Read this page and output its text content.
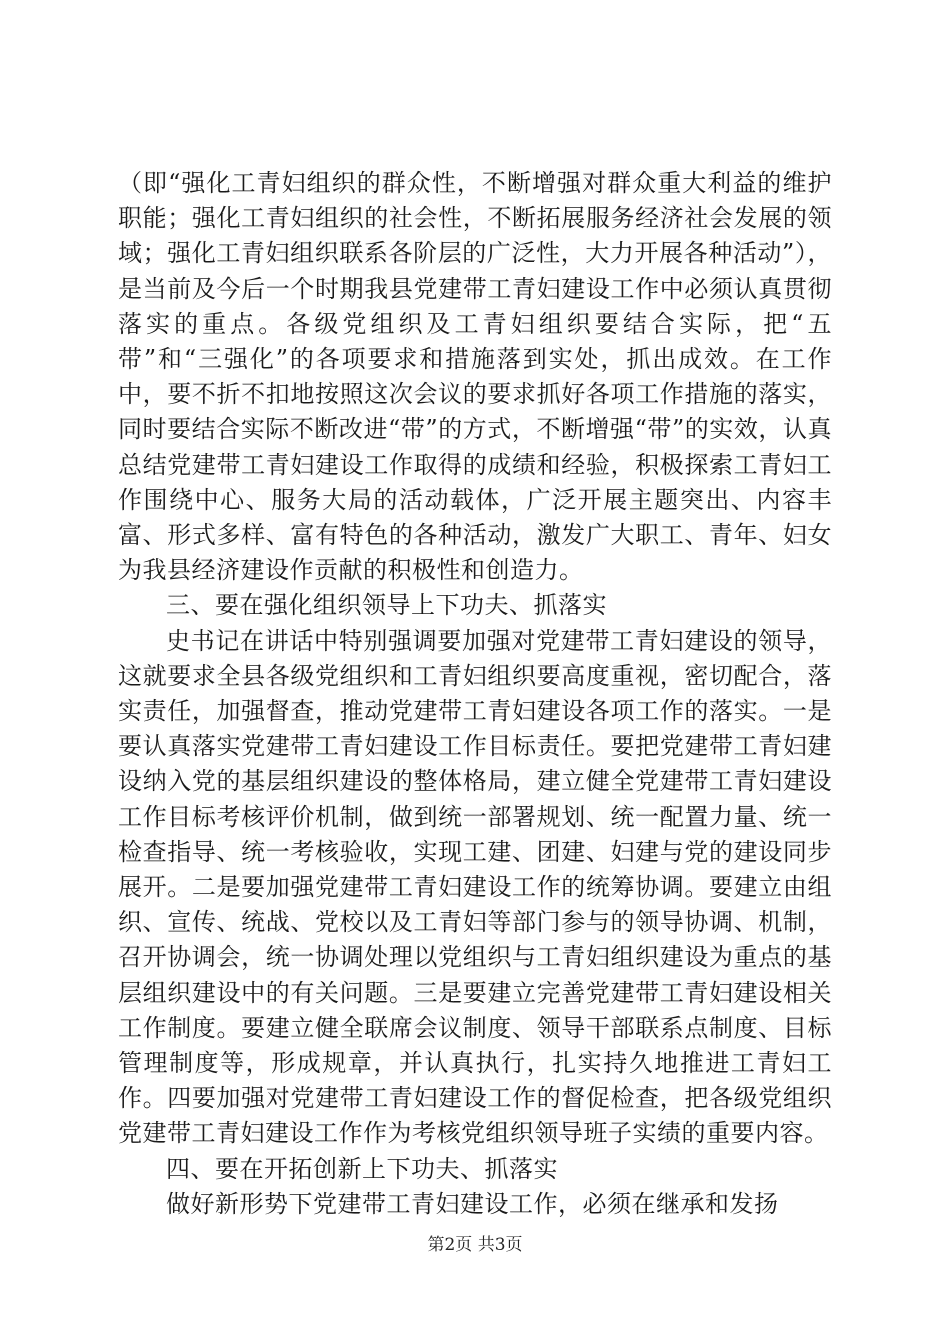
（即“强化工青妇组织的群众性，不断增强对群众重大利益的维护职能；强化工青妇组织的社会性，不断拓展服务经济社会发展的领域；强化工青妇组织联系各阶层的广泛性，大力开展各种活动”），是当前及今后一个时期我县党建带工青妇建设工作中必须认真贯彻落实的重点。各级党组织及工青妇组织要结合实际，把“五带”和“三强化”的各项要求和措施落到实处，抓出成效。在工作中，要不折不扣地按照这次会议的要求抓好各项工作措施的落实，同时要结合实际不断改进“带”的方式，不断增强“带”的实效，认真总结党建带工青妇建设工作取得的成绩和经验，积极探索工青妇工作围绕中心、服务大局的活动载体，广泛开展主题突出、内容丰富、形式多样、富有特色的各种活动，激发广大职工、青年、妇女为我县经济建设作贡献的积极性和创造力。

三、要在强化组织领导上下功夫、抓落实

史书记在讲话中特别强调要加强对党建带工青妇建设的领导，这就要求全县各级党组织和工青妇组织要高度重视，密切配合，落实责任，加强督查，推动党建带工青妇建设各项工作的落实。一是要认真落实党建带工青妇建设工作目标责任。要把党建带工青妇建设纳入党的基层组织建设的整体格局，建立健全党建带工青妇建设工作目标考核评价机制，做到统一部署规划、统一配置力量、统一检查指导、统一考核验收，实现工建、团建、妇建与党的建设同步展开。二是要加强党建带工青妇建设工作的统筹协调。要建立由组织、宣传、统战、党校以及工青妇等部门参与的领导协调、机制，召开协调会，统一协调处理以党组织与工青妇组织建设为重点的基层组织建设中的有关问题。三是要建立完善党建带工青妇建设相关工作制度。要建立健全联席会议制度、领导干部联系点制度、目标管理制度等，形成规章，并认真执行，扎实持久地推进工青妇工作。四要加强对党建带工青妇建设工作的督促检查，把各级党组织党建带工青妇建设工作作为考核党组织领导班子实绩的重要内容。

四、要在开拓创新上下功夫、抓落实

做好新形势下党建带工青妇建设工作，必须在继承和发扬

第2页 共3页
